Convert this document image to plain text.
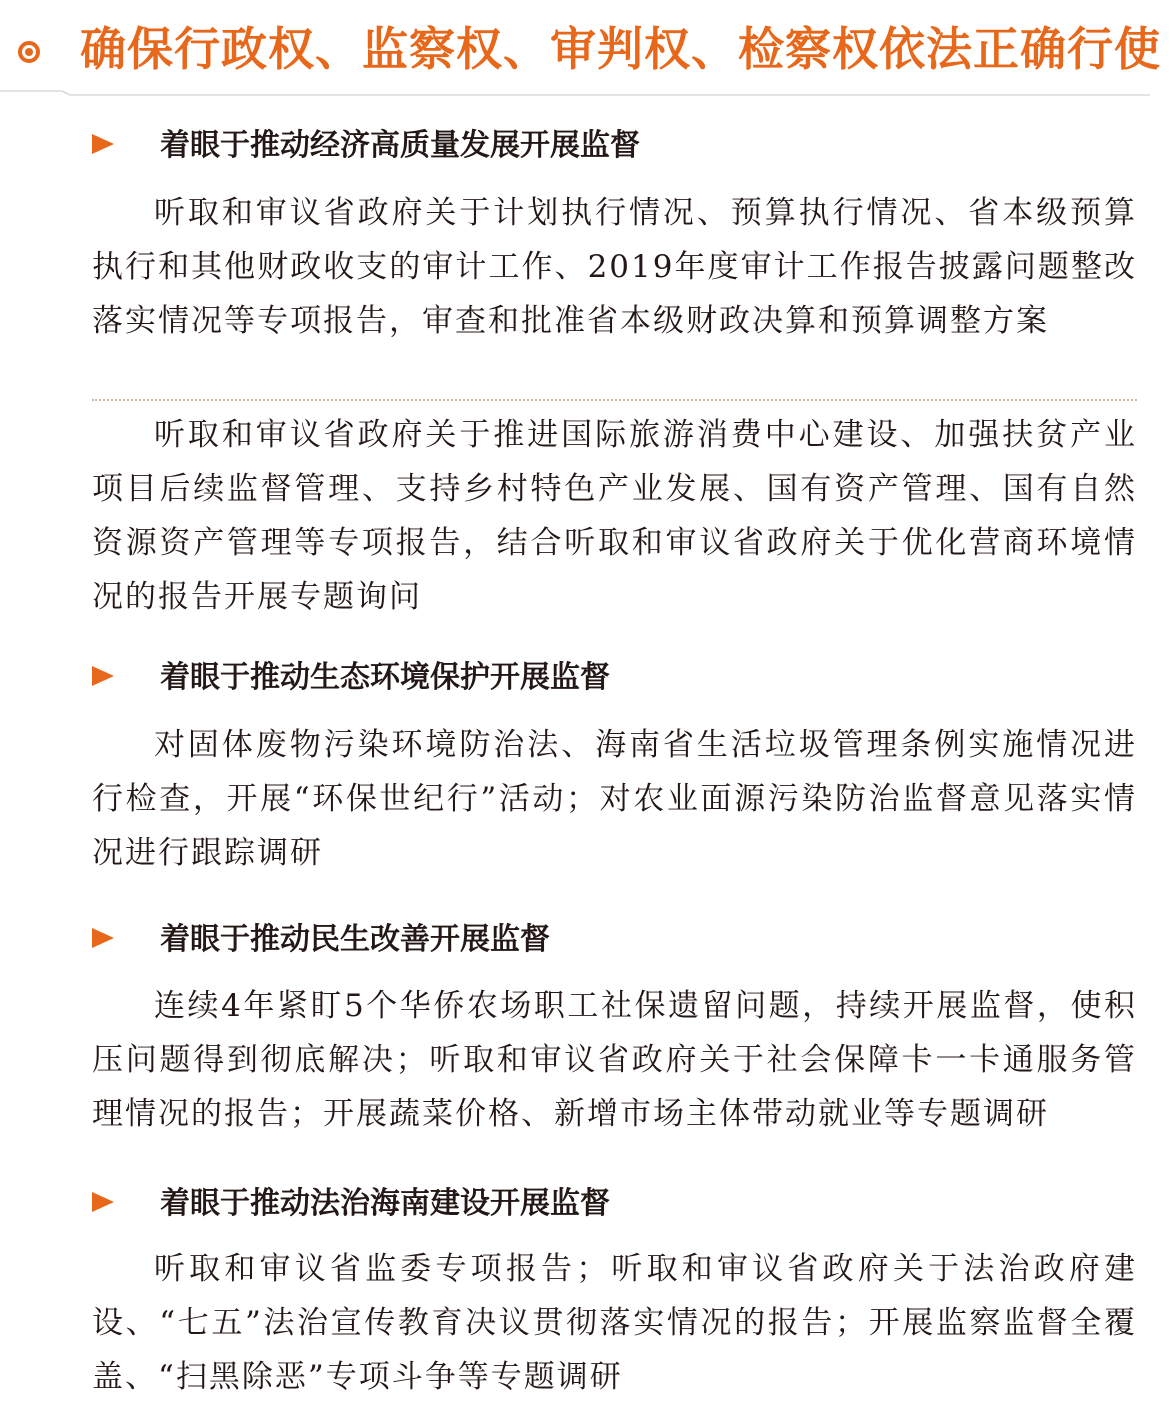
确保行政权、监察权、审判权、检察权依法正确行使
着眼于推动经济高质量发展开展监督
听取和审议省政府关于计划执行情况、预算执行情况、省本级预算执行和其他财政收支的审计工作、2019年度审计工作报告披露问题整改落实情况等专项报告，审查和批准省本级财政决算和预算调整方案
听取和审议省政府关于推进国际旅游消费中心建设、加强扶贫产业项目后续监督管理、支持乡村特色产业发展、国有资产管理、国有自然资源资产管理等专项报告，结合听取和审议省政府关于优化营商环境情况的报告开展专题询问
着眼于推动生态环境保护开展监督
对固体废物污染环境防治法、海南省生活垃圾管理条例实施情况进行检查，开展“环保世纪行”活动；对农业面源污染防治监督意见落实情况进行跟踪调研
着眼于推动民生改善开展监督
连续4年紧盯5个华侨农场职工社保遗留问题，持续开展监督，使积压问题得到彻底解决；听取和审议省政府关于社会保障卡一卡通服务管理情况的报告；开展蔬菜价格、新增市场主体带动就业等专题调研
着眼于推动法治海南建设开展监督
听取和审议省监委专项报告；听取和审议省政府关于法治政府建设、“七五”法治宣传教育决议贯彻落实情况的报告；开展监察监督全覆盖、“扫黑除恶”专项斗争等专题调研
